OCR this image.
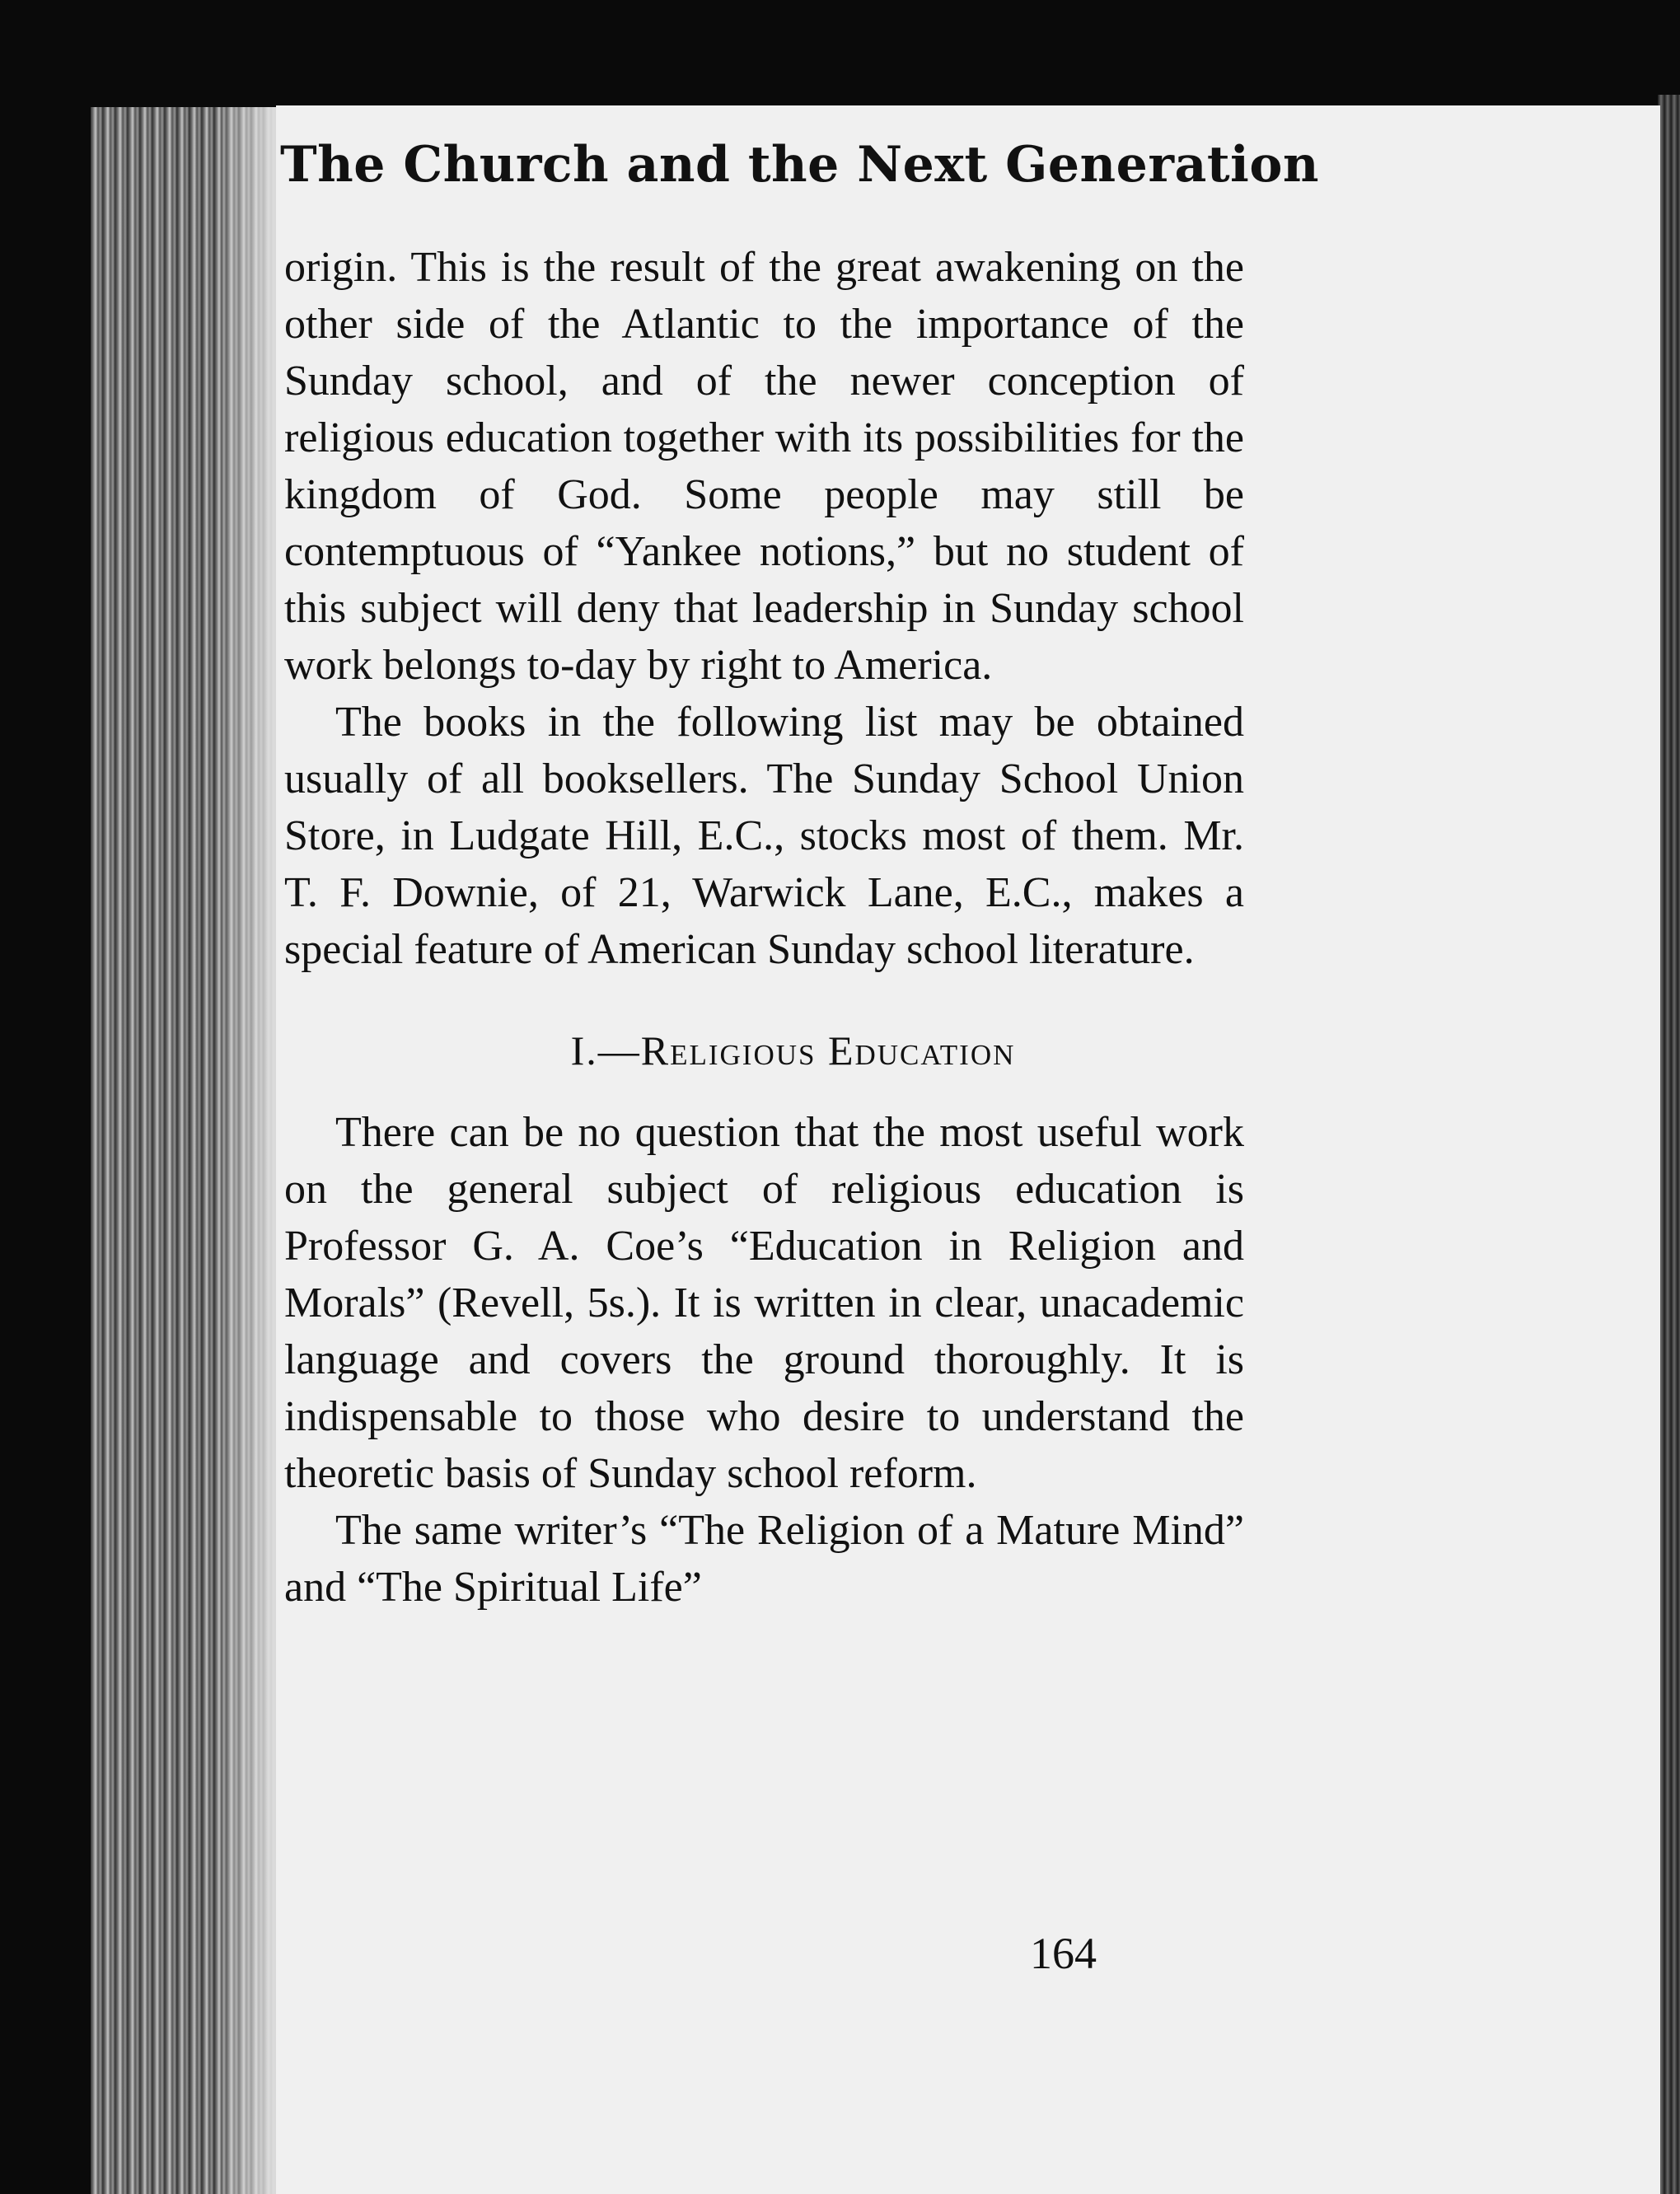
The Church and the Next Generation

origin. This is the result of the great awakening on the other side of the Atlantic to the importance of the Sunday school, and of the newer conception of religious education together with its possibilities for the kingdom of God. Some people may still be contemptuous of “Yankee notions,” but no student of this subject will deny that leadership in Sunday school work belongs to-day by right to America.

The books in the following list may be obtained usually of all booksellers. The Sunday School Union Store, in Ludgate Hill, E.C., stocks most of them. Mr. T. F. Downie, of 21, Warwick Lane, E.C., makes a special feature of American Sunday school literature.

I.—Religious Education

There can be no question that the most useful work on the general subject of religious education is Professor G. A. Coe’s “Education in Religion and Morals” (Revell, 5s.). It is written in clear, unacademic language and covers the ground thoroughly. It is indispensable to those who desire to understand the theoretic basis of Sunday school reform.

The same writer’s “The Religion of a Mature Mind” and “The Spiritual Life”

164
